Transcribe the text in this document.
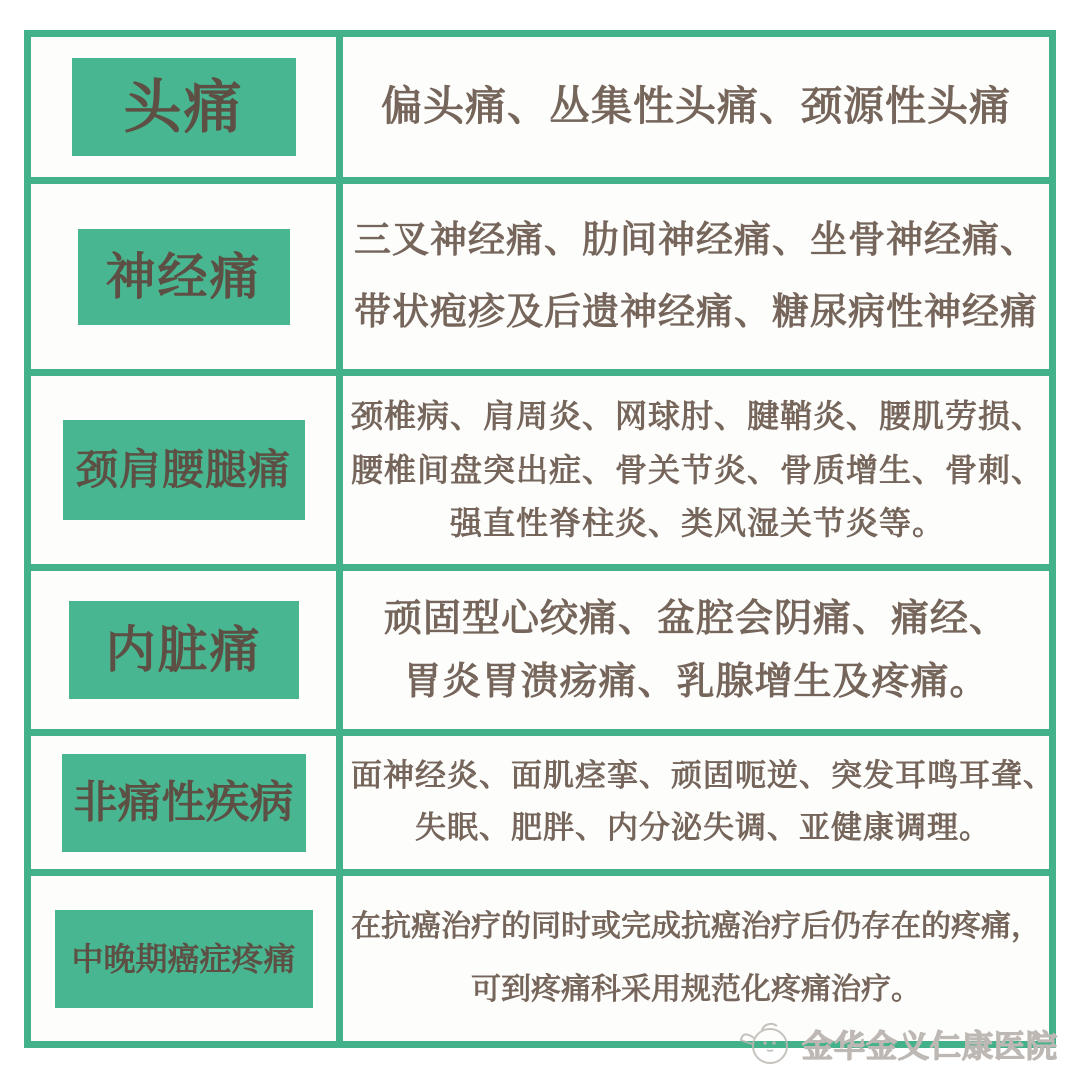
头痛	偏头痛、丛集性头痛、颈源性头痛
神经痛
三叉神经痛、肋间神经痛、坐骨神经痛、
带状疱疹及后遗神经痛、糖尿病性神经痛
颈肩腰腿痛
颈椎病、肩周炎、网球肘、腱鞘炎、腰肌劳损、
腰椎间盘突出症、骨关节炎、骨质增生、骨刺、
强直性脊柱炎、类风湿关节炎等。
内脏痛
顽固型心绞痛、盆腔会阴痛、痛经、
胃炎胃溃疡痛、乳腺增生及疼痛。
非痛性疾病
面神经炎、面肌痉挛、顽固呃逆、突发耳鸣耳聋、
失眠、肥胖、内分泌失调、亚健康调理。
中晚期癌症疼痛
在抗癌治疗的同时或完成抗癌治疗后仍存在的疼痛，
可到疼痛科采用规范化疼痛治疗。
金华金义仁康医院
